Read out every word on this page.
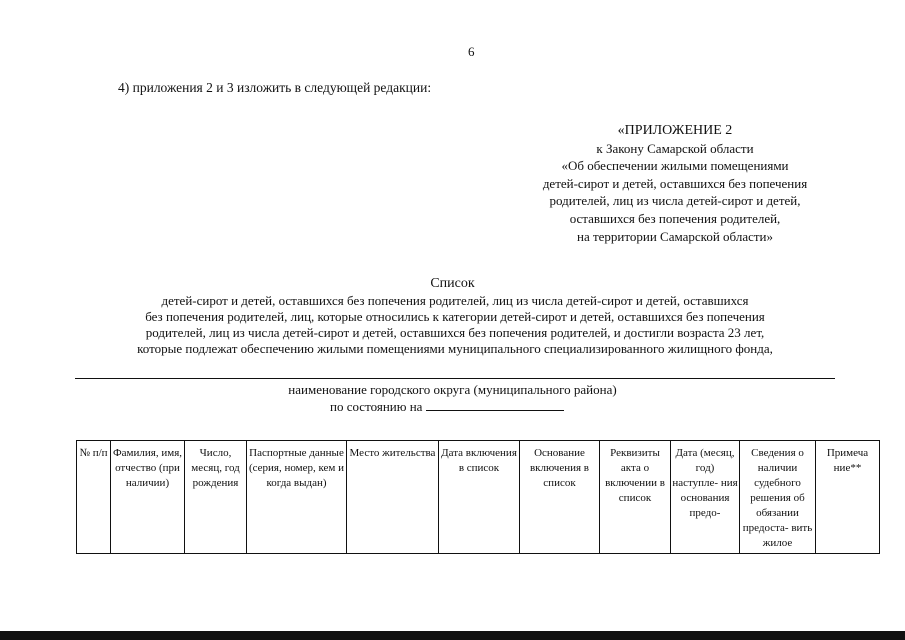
6
4) приложения 2 и 3 изложить в следующей редакции:
«ПРИЛОЖЕНИЕ 2
к Закону Самарской области
«Об обеспечении жилыми помещениями
детей-сирот и детей, оставшихся без попечения
родителей, лиц из числа детей-сирот и детей,
оставшихся без попечения родителей,
на территории Самарской области»
Список
детей-сирот и детей, оставшихся без попечения родителей, лиц из числа детей-сирот и детей, оставшихся
без попечения родителей, лиц, которые относились к категории детей-сирот и детей, оставшихся без попечения
родителей, лиц из числа детей-сирот и детей, оставшихся без попечения родителей, и достигли возраста 23 лет,
которые подлежат обеспечению жилыми помещениями муниципального специализированного жилищного фонда,
наименование городского округа (муниципального района)
по состоянию на
№ п/п	Фамилия, имя, отчество (при наличии)	Число, месяц, год рождения	Паспортные данные (серия, номер, кем и когда выдан)	Место жительства	Дата включения в список	Основание включения в список	Реквизиты акта о включении в список	Дата (месяц, год) наступле- ния основания предо-	Сведения о наличии судебного решения об обязании предоста- вить жилое	Примеча ние**
